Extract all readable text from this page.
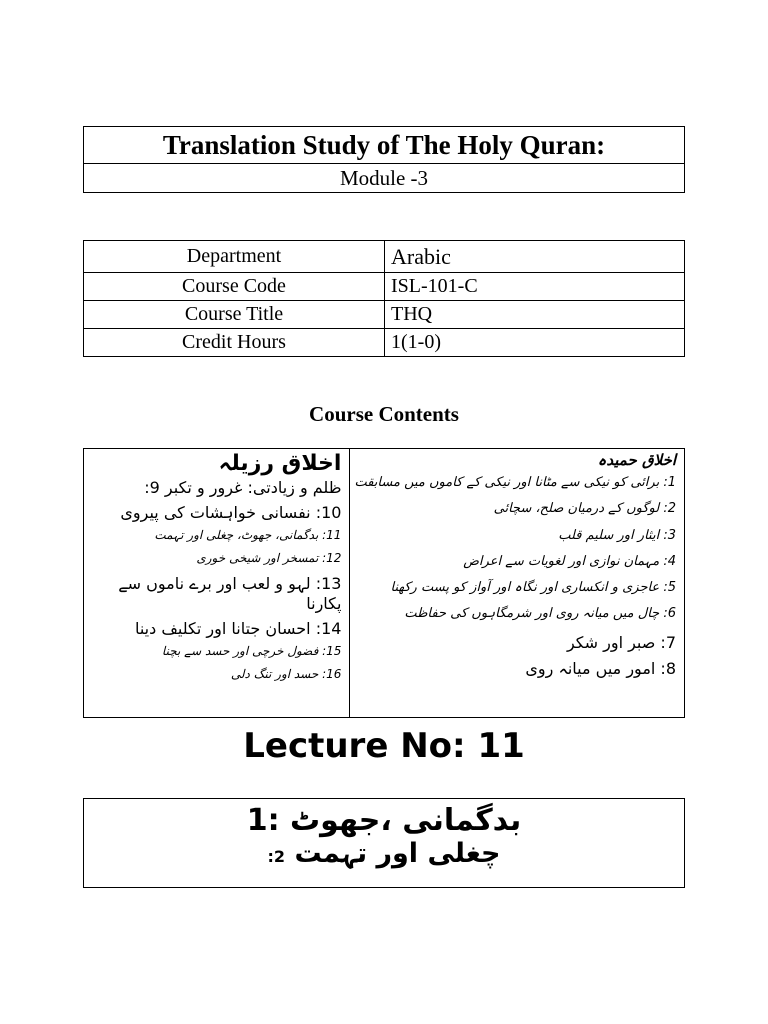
Translation Study of The Holy Quran:
Module -3
Department	Arabic
Course Code	ISL-101-C
Course Title	THQ
Credit Hours	1(1-0)
Course Contents
اخلاق رزیلہ
ظلم و زیادتی: غرور و تکبر 9:
10: نفسانی خواہشات کی پیروی
11: بدگمانی، جھوٹ، چغلی اور تہمت
12: تمسخر اور شیخی خوری
13: لہو و لعب اور برے ناموں سے پکارنا
14: احسان جتانا اور تکلیف دینا
15: فضول خرچی اور حسد سے بچنا
16: حسد اور تنگ دلی

اخلاق حمیدہ
1: برائی کو نیکی سے مٹانا اور نیکی کے کاموں میں مسابقت
2: لوگوں کے درمیان صلح، سچائی
3: ایثار اور سلیم قلب
4: مہمان نوازی اور لغویات سے اعراض
5: عاجزی و انکساری اور نگاہ اور آواز کو پست رکھنا
6: چال میں میانہ روی اور شرمگاہوں کی حفاظت
7: صبر اور شکر
8: امور میں میانہ روی
Lecture No: 11
بدگمانی ،جھوٹ :1
چغلی اور تہمت 2:
